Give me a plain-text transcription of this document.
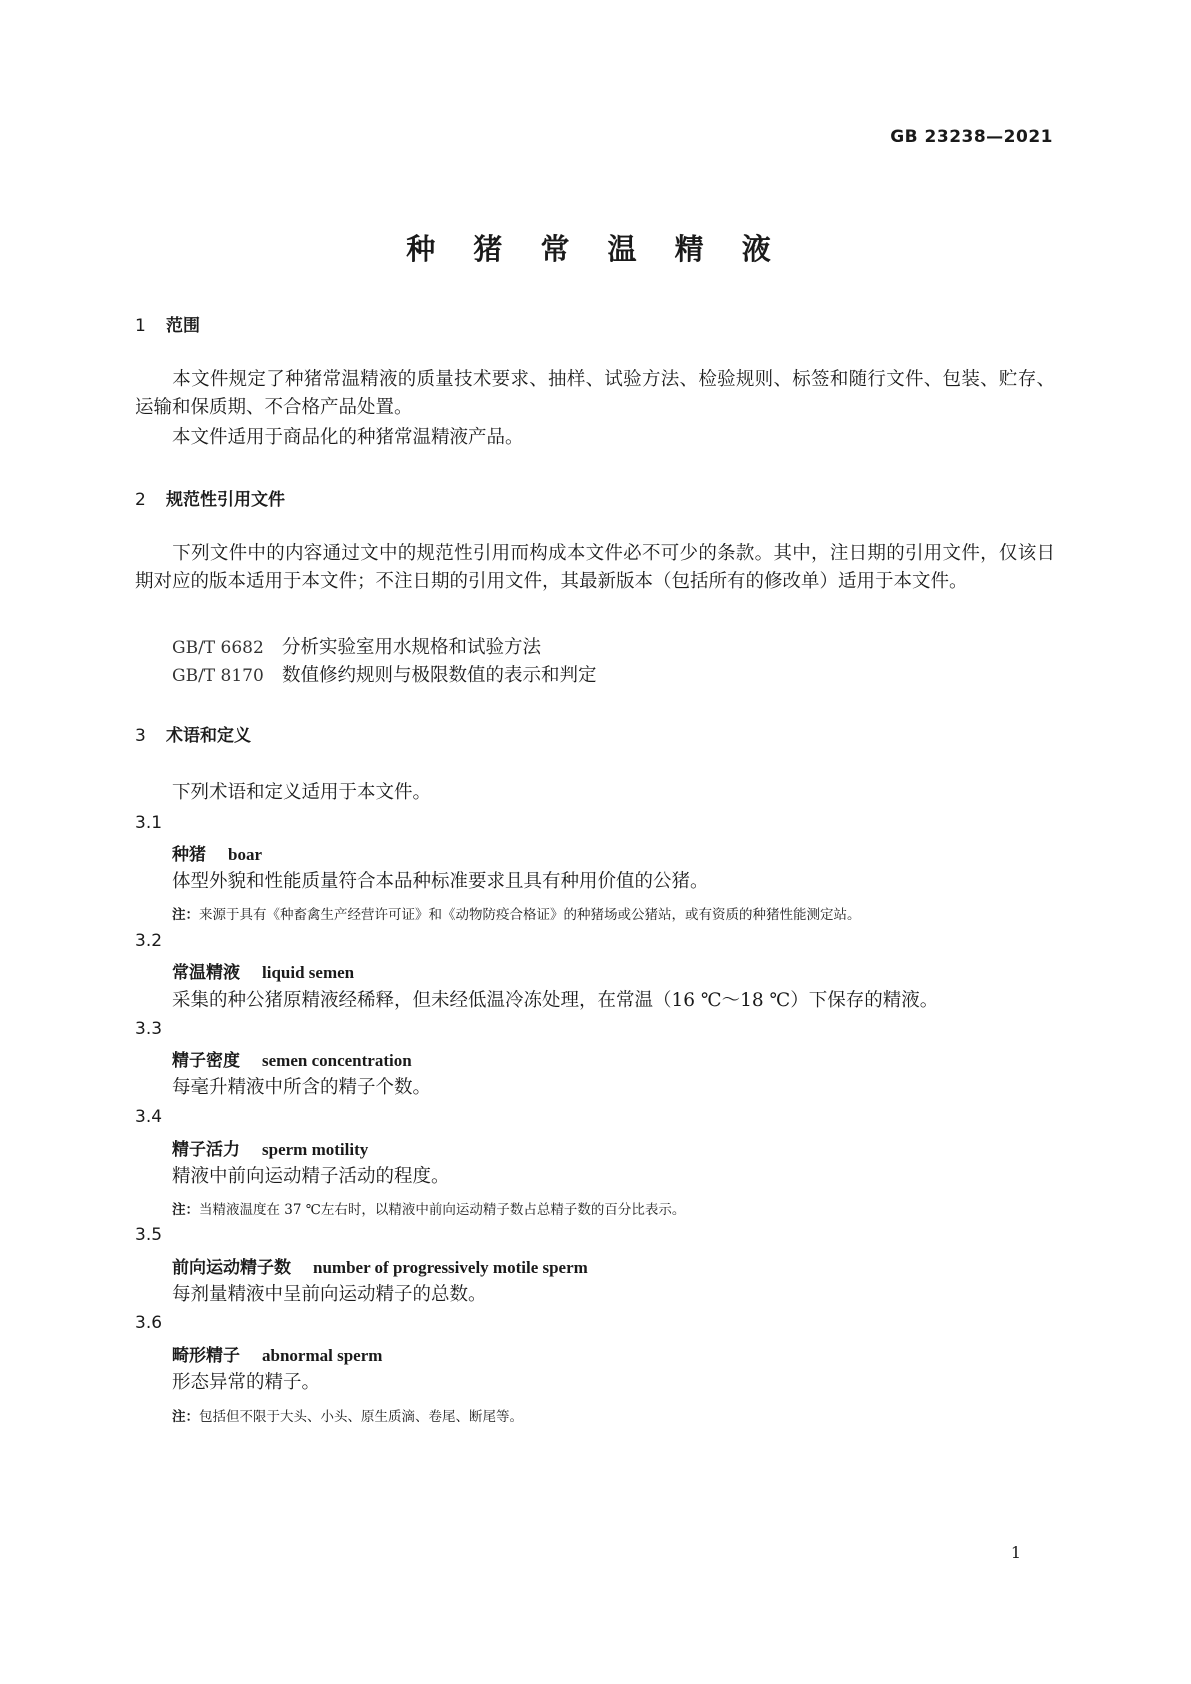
GB 23238—2021
种 猪 常 温 精 液
1 范围
本文件规定了种猪常温精液的质量技术要求、抽样、试验方法、检验规则、标签和随行文件、包装、贮存、运输和保质期、不合格产品处置。
本文件适用于商品化的种猪常温精液产品。
2 规范性引用文件
下列文件中的内容通过文中的规范性引用而构成本文件必不可少的条款。其中，注日期的引用文件，仅该日期对应的版本适用于本文件；不注日期的引用文件，其最新版本（包括所有的修改单）适用于本文件。
GB/T 6682 分析实验室用水规格和试验方法
GB/T 8170 数值修约规则与极限数值的表示和判定
3 术语和定义
下列术语和定义适用于本文件。
3.1
种猪 boar
体型外貌和性能质量符合本品种标准要求且具有种用价值的公猪。
注：来源于具有《种畜禽生产经营许可证》和《动物防疫合格证》的种猪场或公猪站，或有资质的种猪性能测定站。
3.2
常温精液 liquid semen
采集的种公猪原精液经稀释，但未经低温冷冻处理，在常温（16 ℃～18 ℃）下保存的精液。
3.3
精子密度 semen concentration
每毫升精液中所含的精子个数。
3.4
精子活力 sperm motility
精液中前向运动精子活动的程度。
注：当精液温度在 37 ℃左右时，以精液中前向运动精子数占总精子数的百分比表示。
3.5
前向运动精子数 number of progressively motile sperm
每剂量精液中呈前向运动精子的总数。
3.6
畸形精子 abnormal sperm
形态异常的精子。
注：包括但不限于大头、小头、原生质滴、卷尾、断尾等。
1
